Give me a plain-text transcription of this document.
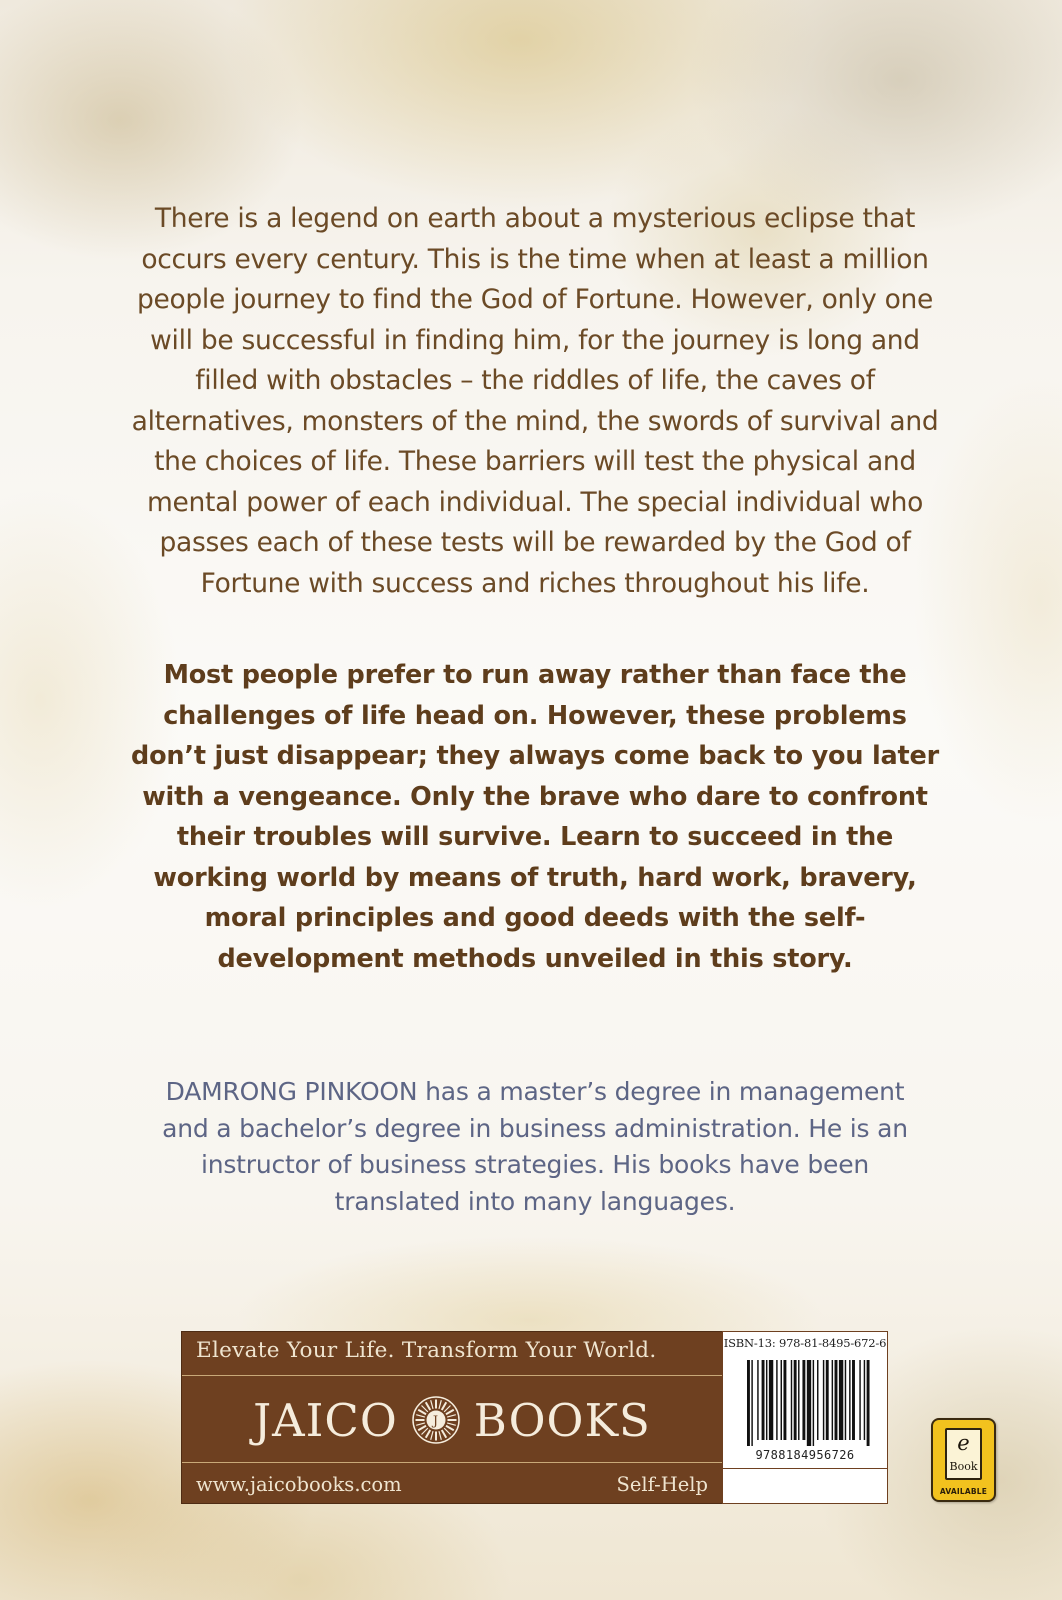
There is a legend on earth about a mysterious eclipse that occurs every century. This is the time when at least a million people journey to find the God of Fortune. However, only one will be successful in finding him, for the journey is long and filled with obstacles – the riddles of life, the caves of alternatives, monsters of the mind, the swords of survival and the choices of life. These barriers will test the physical and mental power of each individual. The special individual who passes each of these tests will be rewarded by the God of Fortune with success and riches throughout his life.

Most people prefer to run away rather than face the challenges of life head on. However, these problems don’t just disappear; they always come back to you later with a vengeance. Only the brave who dare to confront their troubles will survive. Learn to succeed in the working world by means of truth, hard work, bravery, moral principles and good deeds with the self-development methods unveiled in this story.

DAMRONG PINKOON has a master’s degree in management and a bachelor’s degree in business administration. He is an instructor of business strategies. His books have been translated into many languages.

Elevate Your Life. Transform Your World.
JAICO	J BOOKS
www.jaicobooks.com	Self-Help
ISBN-13: 978-81-8495-672-6
9788184956726	e
Book
AVAILABLE
